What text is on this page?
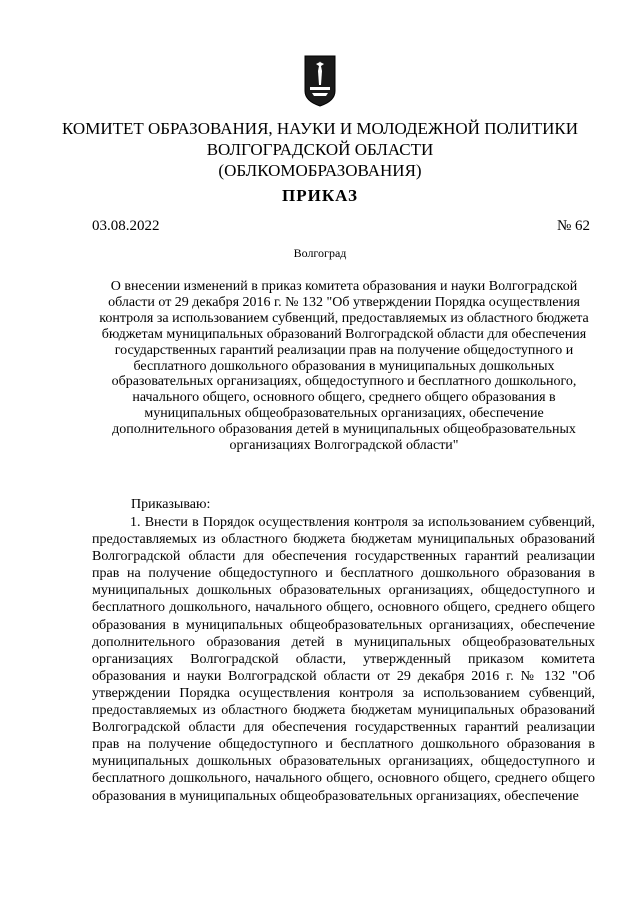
КОМИТЕТ ОБРАЗОВАНИЯ, НАУКИ И МОЛОДЕЖНОЙ ПОЛИТИКИ
ВОЛГОГРАДСКОЙ ОБЛАСТИ
(ОБЛКОМОБРАЗОВАНИЯ)
ПРИКАЗ
03.08.2022	№ 62
Волгоград
О внесении изменений в приказ комитета образования и науки Волгоградской области от 29 декабря 2016 г. № 132 "Об утверждении Порядка осуществления контроля за использованием субвенций, предоставляемых из областного бюджета бюджетам муниципальных образований Волгоградской области для обеспечения государственных гарантий реализации прав на получение общедоступного и бесплатного дошкольного образования в муниципальных дошкольных образовательных организациях, общедоступного и бесплатного дошкольного, начального общего, основного общего, среднего общего образования в муниципальных общеобразовательных организациях, обеспечение дополнительного образования детей в муниципальных общеобразовательных организациях Волгоградской области"
Приказываю:
1. Внести в Порядок осуществления контроля за использованием субвенций, предоставляемых из областного бюджета бюджетам муниципальных образований Волгоградской области для обеспечения государственных гарантий реализации прав на получение общедоступного и бесплатного дошкольного образования в муниципальных дошкольных образовательных организациях, общедоступного и бесплатного дошкольного, начального общего, основного общего, среднего общего образования в муниципальных общеобразовательных организациях, обеспечение дополнительного образования детей в муниципальных общеобразовательных организациях Волгоградской области, утвержденный приказом комитета образования и науки Волгоградской области от 29 декабря 2016 г. № 132 "Об утверждении Порядка осуществления контроля за использованием субвенций, предоставляемых из областного бюджета бюджетам муниципальных образований Волгоградской области для обеспечения государственных гарантий реализации прав на получение общедоступного и бесплатного дошкольного образования в муниципальных дошкольных образовательных организациях, общедоступного и бесплатного дошкольного, начального общего, основного общего, среднего общего образования в муниципальных общеобразовательных организациях, обеспечение
